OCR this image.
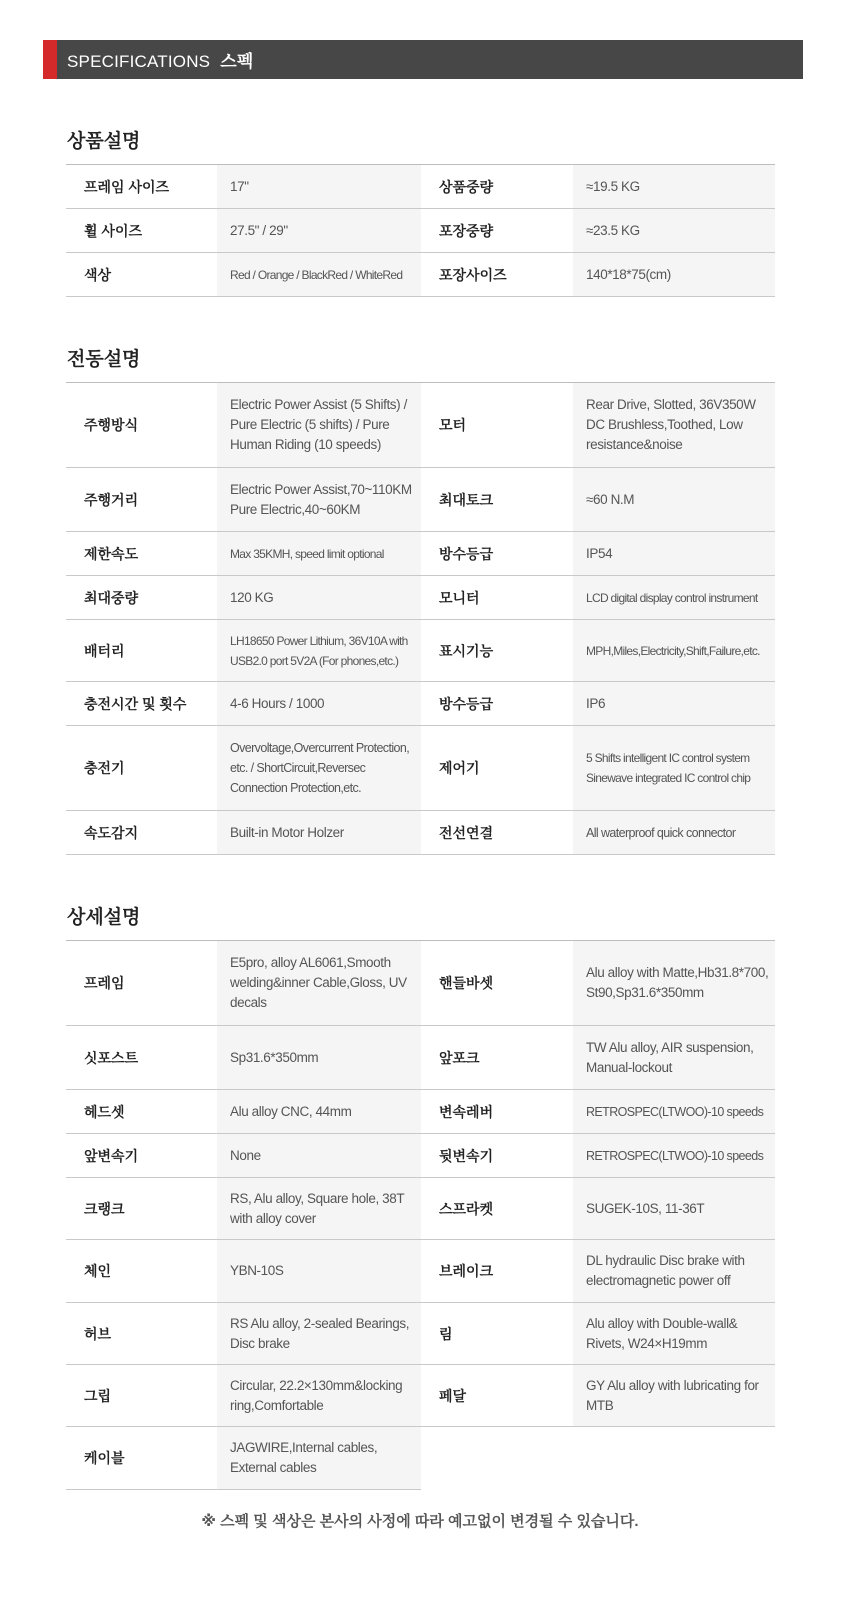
SPECIFICATIONS 스펙
상품설명
프레임 사이즈	17"	상품중량	≈19.5 KG
휠 사이즈	27.5" / 29"	포장중량	≈23.5 KG
색상	Red / Orange / BlackRed / WhiteRed	포장사이즈	140*18*75(cm)
전동설명
주행방식	Electric Power Assist (5 Shifts) / Pure Electric (5 shifts) / Pure Human Riding (10 speeds)	모터	Rear Drive, Slotted, 36V350W DC Brushless,Toothed, Low resistance&noise
주행거리	Electric Power Assist,70~110KM Pure Electric,40~60KM	최대토크	≈60 N.M
제한속도	Max 35KMH, speed limit optional	방수등급	IP54
최대중량	120 KG	모니터	LCD digital display control instrument
배터리	LH18650 Power Lithium, 36V10A with USB2.0 port 5V2A (For phones,etc.)	표시기능	MPH,Miles,Electricity,Shift,Failure,etc.
충전시간 및 횟수	4-6 Hours / 1000	방수등급	IP6
충전기	Overvoltage,Overcurrent Protection, etc. / ShortCircuit,Reversec Connection Protection,etc.	제어기	5 Shifts intelligent IC control system Sinewave integrated IC control chip
속도감지	Built-in Motor Holzer	전선연결	All waterproof quick connector
상세설명
프레임	E5pro, alloy AL6061,Smooth welding&inner Cable,Gloss, UV decals	핸들바셋	Alu alloy with Matte,Hb31.8*700, St90,Sp31.6*350mm
싯포스트	Sp31.6*350mm	앞포크	TW Alu alloy, AIR suspension, Manual-lockout
헤드셋	Alu alloy CNC, 44mm	변속레버	RETROSPEC(LTWOO)-10 speeds
앞변속기	None	뒷변속기	RETROSPEC(LTWOO)-10 speeds
크랭크	RS, Alu alloy, Square hole, 38T with alloy cover	스프라켓	SUGEK-10S, 11-36T
체인	YBN-10S	브레이크	DL hydraulic Disc brake with electromagnetic power off
허브	RS Alu alloy, 2-sealed Bearings, Disc brake	림	Alu alloy with Double-wall& Rivets, W24×H19mm
그립	Circular, 22.2×130mm&locking ring,Comfortable	페달	GY Alu alloy with lubricating for MTB
케이블	JAGWIRE,Internal cables, External cables		
※ 스펙 및 색상은 본사의 사정에 따라 예고없이 변경될 수 있습니다.
